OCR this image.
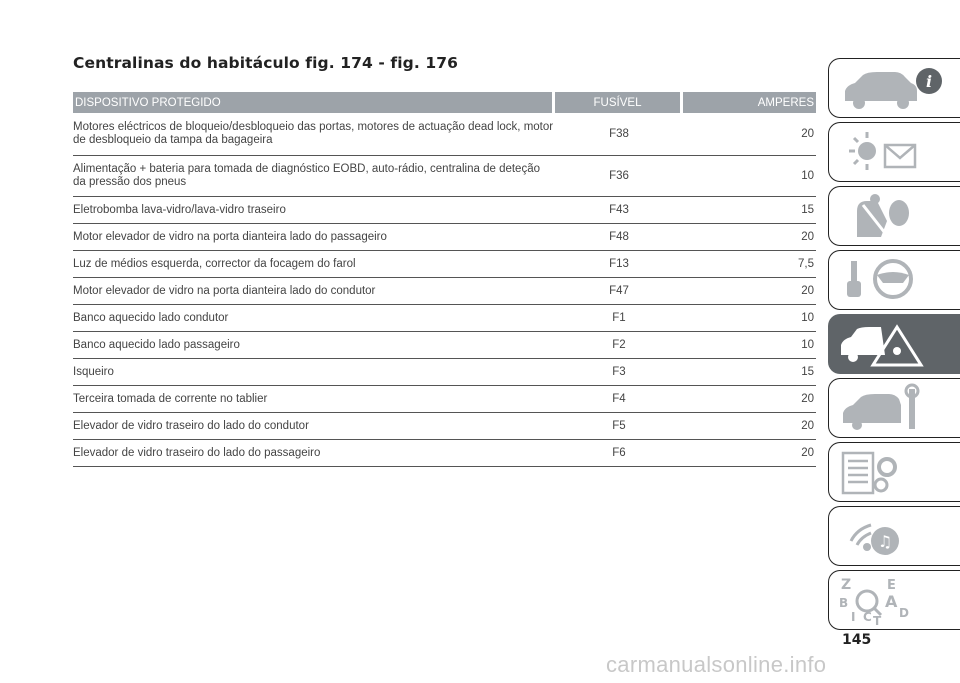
Centralinas do habitáculo fig. 174 - fig. 176
DISPOSITIVO PROTEGIDO	FUSÍVEL	AMPERES
Motores eléctricos de bloqueio/desbloqueio das portas, motores de actuação dead lock, motor de desbloqueio da tampa da bagageira	F38	20
Alimentação + bateria para tomada de diagnóstico EOBD, auto-rádio, centralina de deteção da pressão dos pneus	F36	10
Eletrobomba lava-vidro/lava-vidro traseiro	F43	15
Motor elevador de vidro na porta dianteira lado do passageiro	F48	20
Luz de médios esquerda, corrector da focagem do farol	F13	7,5
Motor elevador de vidro na porta dianteira lado do condutor	F47	20
Banco aquecido lado condutor	F1	10
Banco aquecido lado passageiro	F2	10
Isqueiro	F3	15
Terceira tomada de corrente no tablier	F4	20
Elevador de vidro traseiro do lado do condutor	F5	20
Elevador de vidro traseiro do lado do passageiro	F6	20
i
♫
Z	E
B A
D
I C T
145
carmanualsonline.info
